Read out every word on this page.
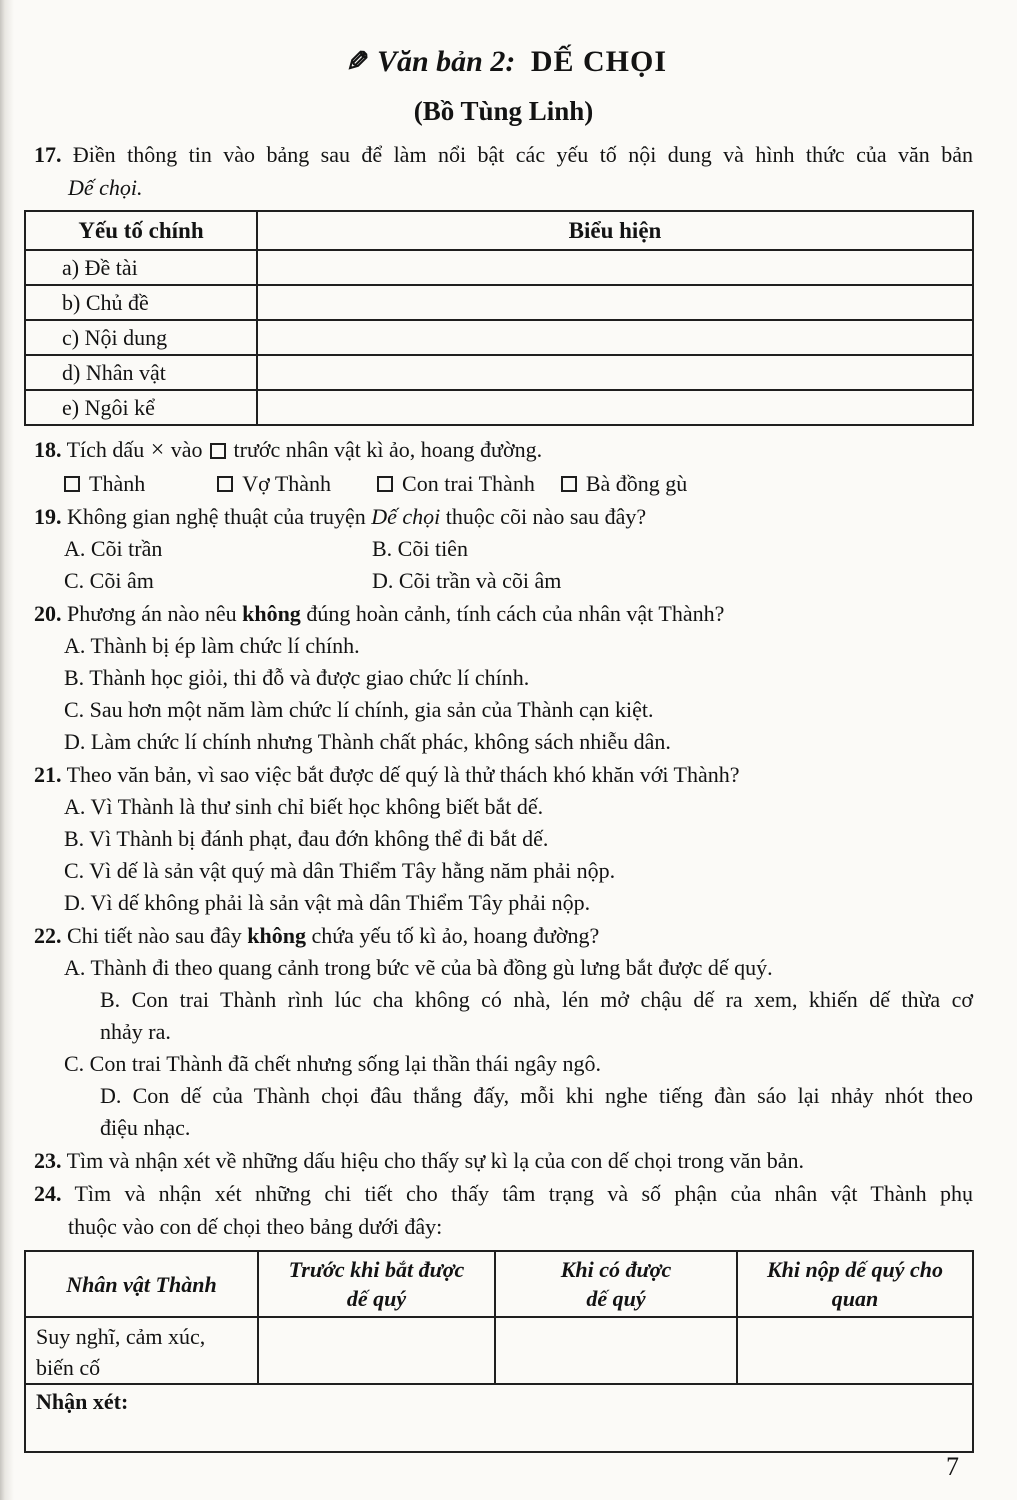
✎ Văn bản 2: DẾ CHỌI
(Bồ Tùng Linh)
17. Điền thông tin vào bảng sau để làm nổi bật các yếu tố nội dung và hình thức của văn bản
Dế chọi.
Yếu tố chính	Biểu hiện
a) Đề tài	
b) Chủ đề	
c) Nội dung	
d) Nhân vật	
e) Ngôi kể	
18. Tích dấu × vào trước nhân vật kì ảo, hoang đường.
Thành	Vợ Thành	Con trai Thành Bà đồng gù
19. Không gian nghệ thuật của truyện Dế chọi thuộc cõi nào sau đây?
A. Cõi trần	B. Cõi tiên
C. Cõi âm	D. Cõi trần và cõi âm
20. Phương án nào nêu không đúng hoàn cảnh, tính cách của nhân vật Thành?
A. Thành bị ép làm chức lí chính.
B. Thành học giỏi, thi đỗ và được giao chức lí chính.
C. Sau hơn một năm làm chức lí chính, gia sản của Thành cạn kiệt.
D. Làm chức lí chính nhưng Thành chất phác, không sách nhiễu dân.
21. Theo văn bản, vì sao việc bắt được dế quý là thử thách khó khăn với Thành?
A. Vì Thành là thư sinh chỉ biết học không biết bắt dế.
B. Vì Thành bị đánh phạt, đau đớn không thể đi bắt dế.
C. Vì dế là sản vật quý mà dân Thiểm Tây hằng năm phải nộp.
D. Vì dế không phải là sản vật mà dân Thiểm Tây phải nộp.
22. Chi tiết nào sau đây không chứa yếu tố kì ảo, hoang đường?
A. Thành đi theo quang cảnh trong bức vẽ của bà đồng gù lưng bắt được dế quý.
B. Con trai Thành rình lúc cha không có nhà, lén mở chậu dế ra xem, khiến dế thừa cơ
nhảy ra.
C. Con trai Thành đã chết nhưng sống lại thần thái ngây ngô.
D. Con dế của Thành chọi đâu thắng đấy, mỗi khi nghe tiếng đàn sáo lại nhảy nhót theo
điệu nhạc.
23. Tìm và nhận xét về những dấu hiệu cho thấy sự kì lạ của con dế chọi trong văn bản.
24. Tìm và nhận xét những chi tiết cho thấy tâm trạng và số phận của nhân vật Thành phụ
thuộc vào con dế chọi theo bảng dưới đây:
Nhân vật Thành	Trước khi bắt được dế quý	Khi có được dế quý	Khi nộp dế quý cho quan

Suy nghĩ, cảm xúc, biến cố			
Nhận xét:			
7
